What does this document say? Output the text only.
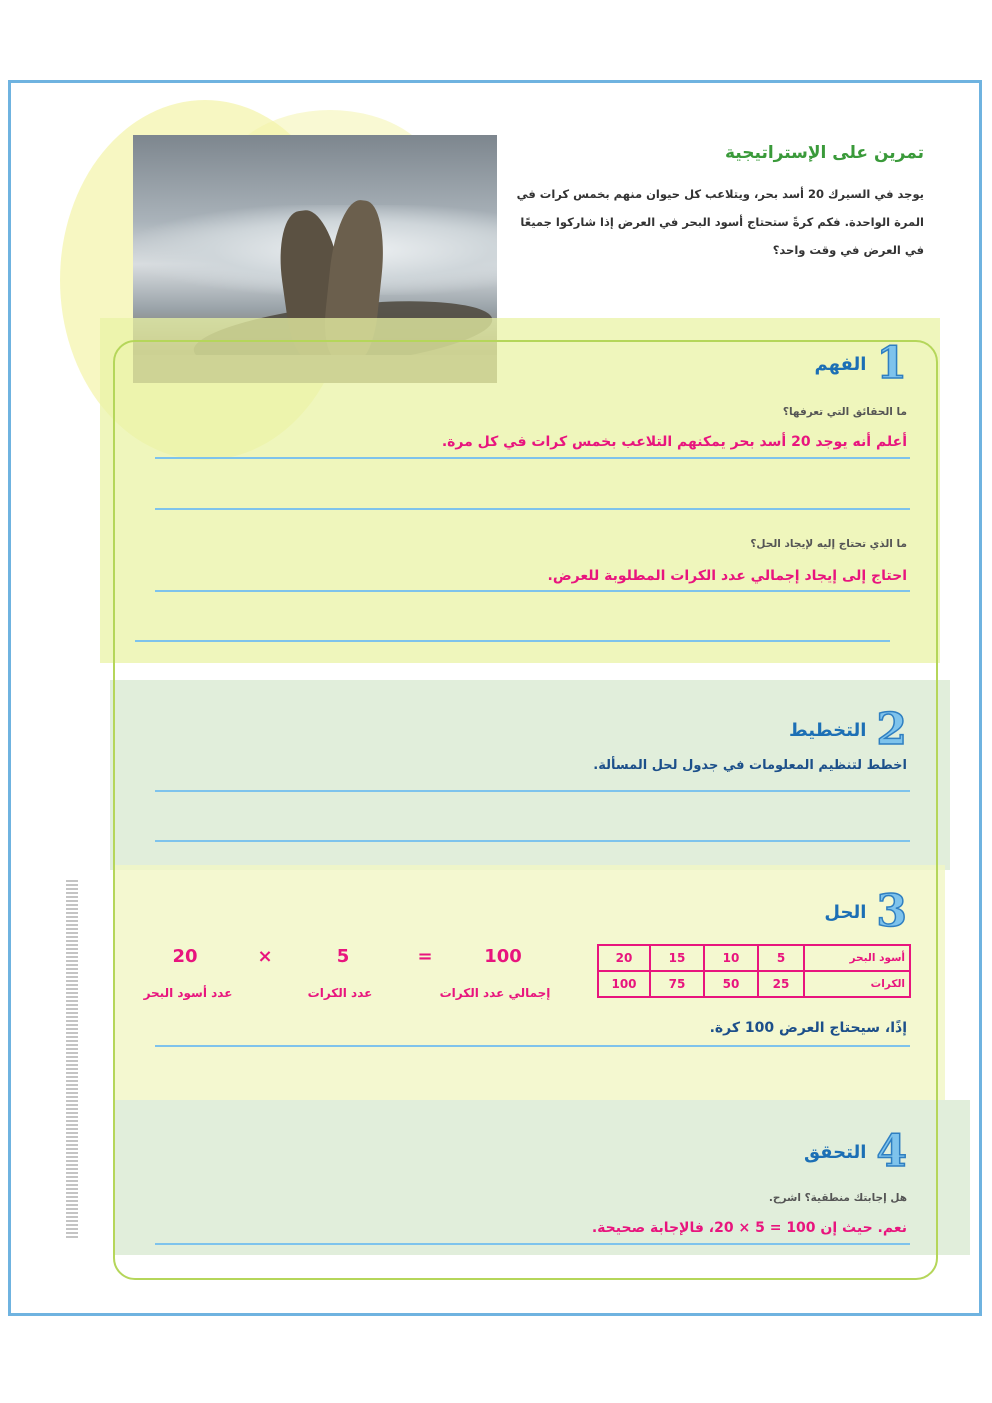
تمرين على الإستراتيجية
يوجد في السيرك 20 أسد بحر، ويتلاعب كل حيوان منهم بخمس كرات في المرة الواحدة. فكم كرةً ستحتاج أسود البحر في العرض إذا شاركوا جميعًا في العرض في وقت واحد؟
1
الفهم
ما الحقائق التي تعرفها؟
أعلم أنه يوجد 20 أسد بحر يمكنهم التلاعب بخمس كرات في كل مرة.
ما الذي تحتاج إليه لإيجاد الحل؟
احتاج إلى إيجاد إجمالي عدد الكرات المطلوبة للعرض.
2
التخطيط
اخطط لتنظيم المعلومات في جدول لحل المسألة.
3
الحل
20	15	10	5	أسود البحر
100	75	50	25	الكرات
20	×	5	=	100
عدد أسود البحر	عدد الكرات	إجمالي عدد الكرات
إذًا، سيحتاج العرض 100 كرة.
4
التحقق
هل إجابتك منطقية؟ اشرح.
نعم. حيث إن 100 = 5 × 20، فالإجابة صحيحة.
